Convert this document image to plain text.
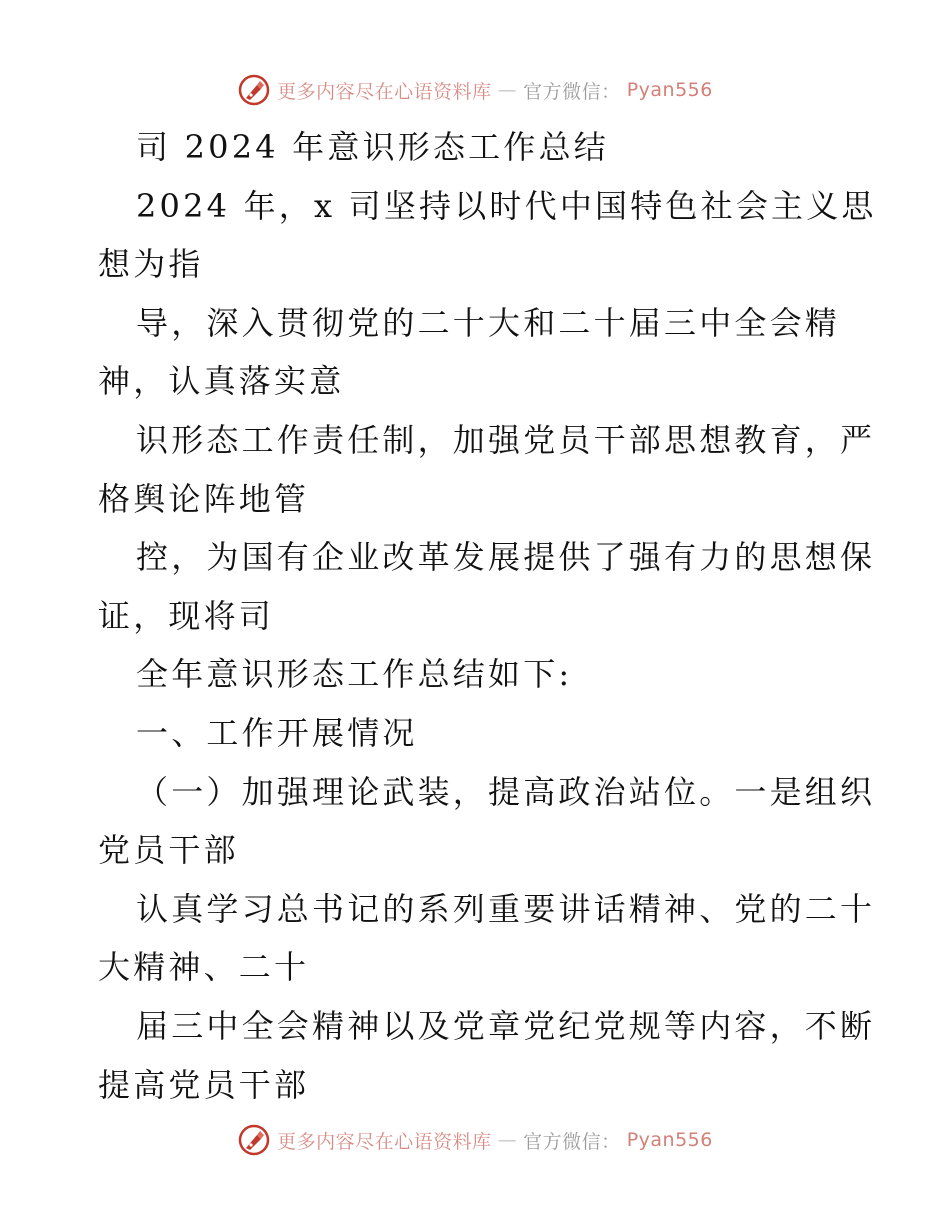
更多内容尽在心语资料库 — 官方微信： Pyan556
司 2024 年意识形态工作总结
2024 年，x 司坚持以时代中国特色社会主义思
想为指
导，深入贯彻党的二十大和二十届三中全会精
神，认真落实意
识形态工作责任制，加强党员干部思想教育，严
格舆论阵地管
控，为国有企业改革发展提供了强有力的思想保
证，现将司
全年意识形态工作总结如下:
一、工作开展情况
（一）加强理论武装，提高政治站位。一是组织
党员干部
认真学习总书记的系列重要讲话精神、党的二十
大精神、二十
届三中全会精神以及党章党纪党规等内容，不断
提高党员干部
更多内容尽在心语资料库 — 官方微信： Pyan556
